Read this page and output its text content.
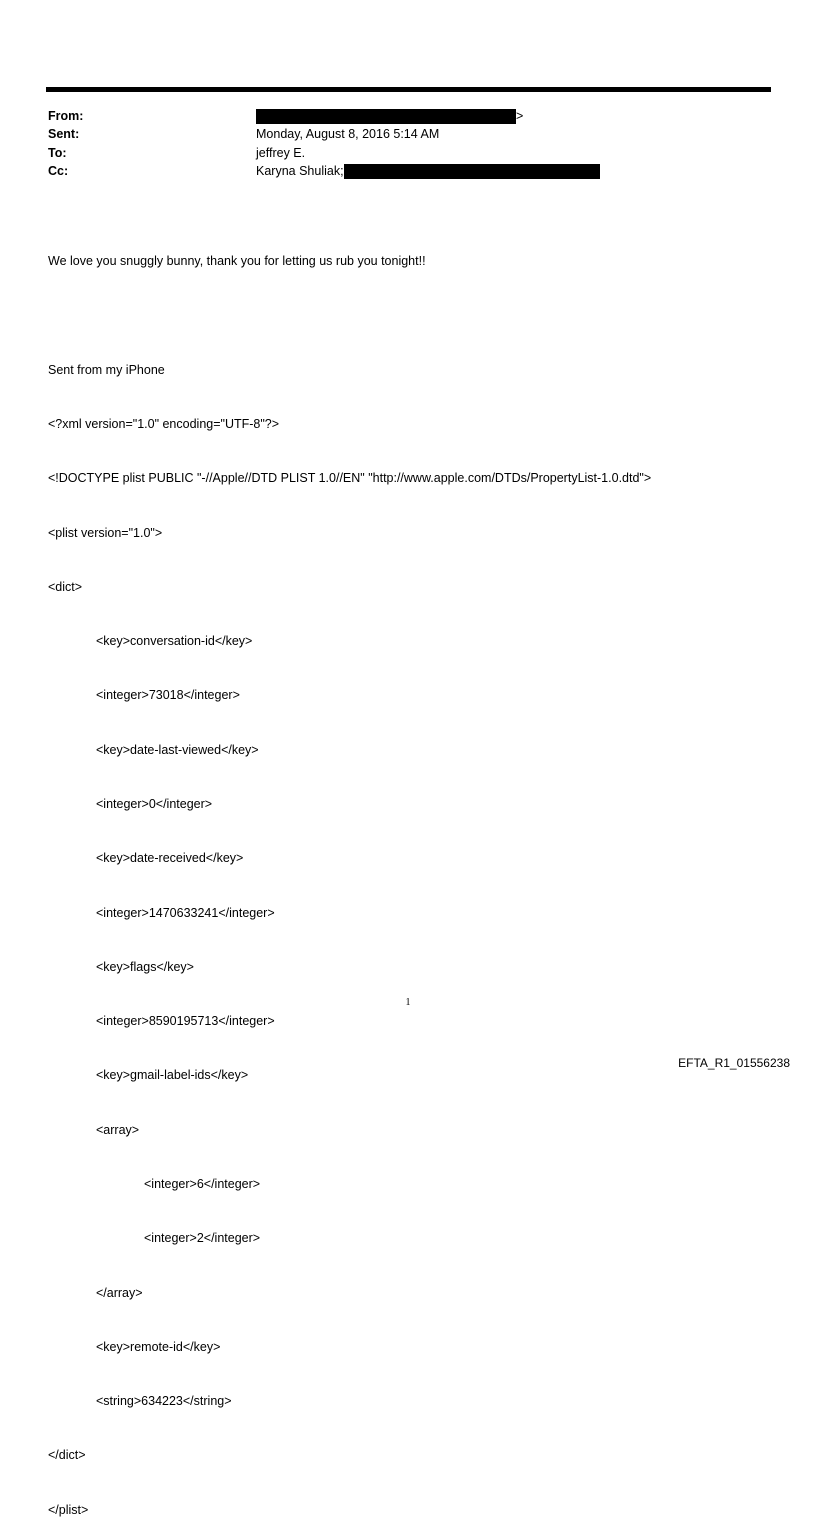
From:	>
Sent:	Monday, August 8, 2016 5:14 AM
To:	jeffrey E.
Cc:	Karyna Shuliak;

We love you snuggly bunny, thank you for letting us rub you tonight!!

Sent from my iPhone

<?xml version="1.0" encoding="UTF-8"?>

<!DOCTYPE plist PUBLIC "-//Apple//DTD PLIST 1.0//EN" "http://www.apple.com/DTDs/PropertyList-1.0.dtd">

<plist version="1.0">

<dict>

<key>conversation-id</key>

<integer>73018</integer>

<key>date-last-viewed</key>

<integer>0</integer>

<key>date-received</key>

<integer>1470633241</integer>

<key>flags</key>

<integer>8590195713</integer>

<key>gmail-label-ids</key>

<array>

<integer>6</integer>

<integer>2</integer>

</array>

<key>remote-id</key>

<string>634223</string>

</dict>

</plist>

1
EFTA_R1_01556238
